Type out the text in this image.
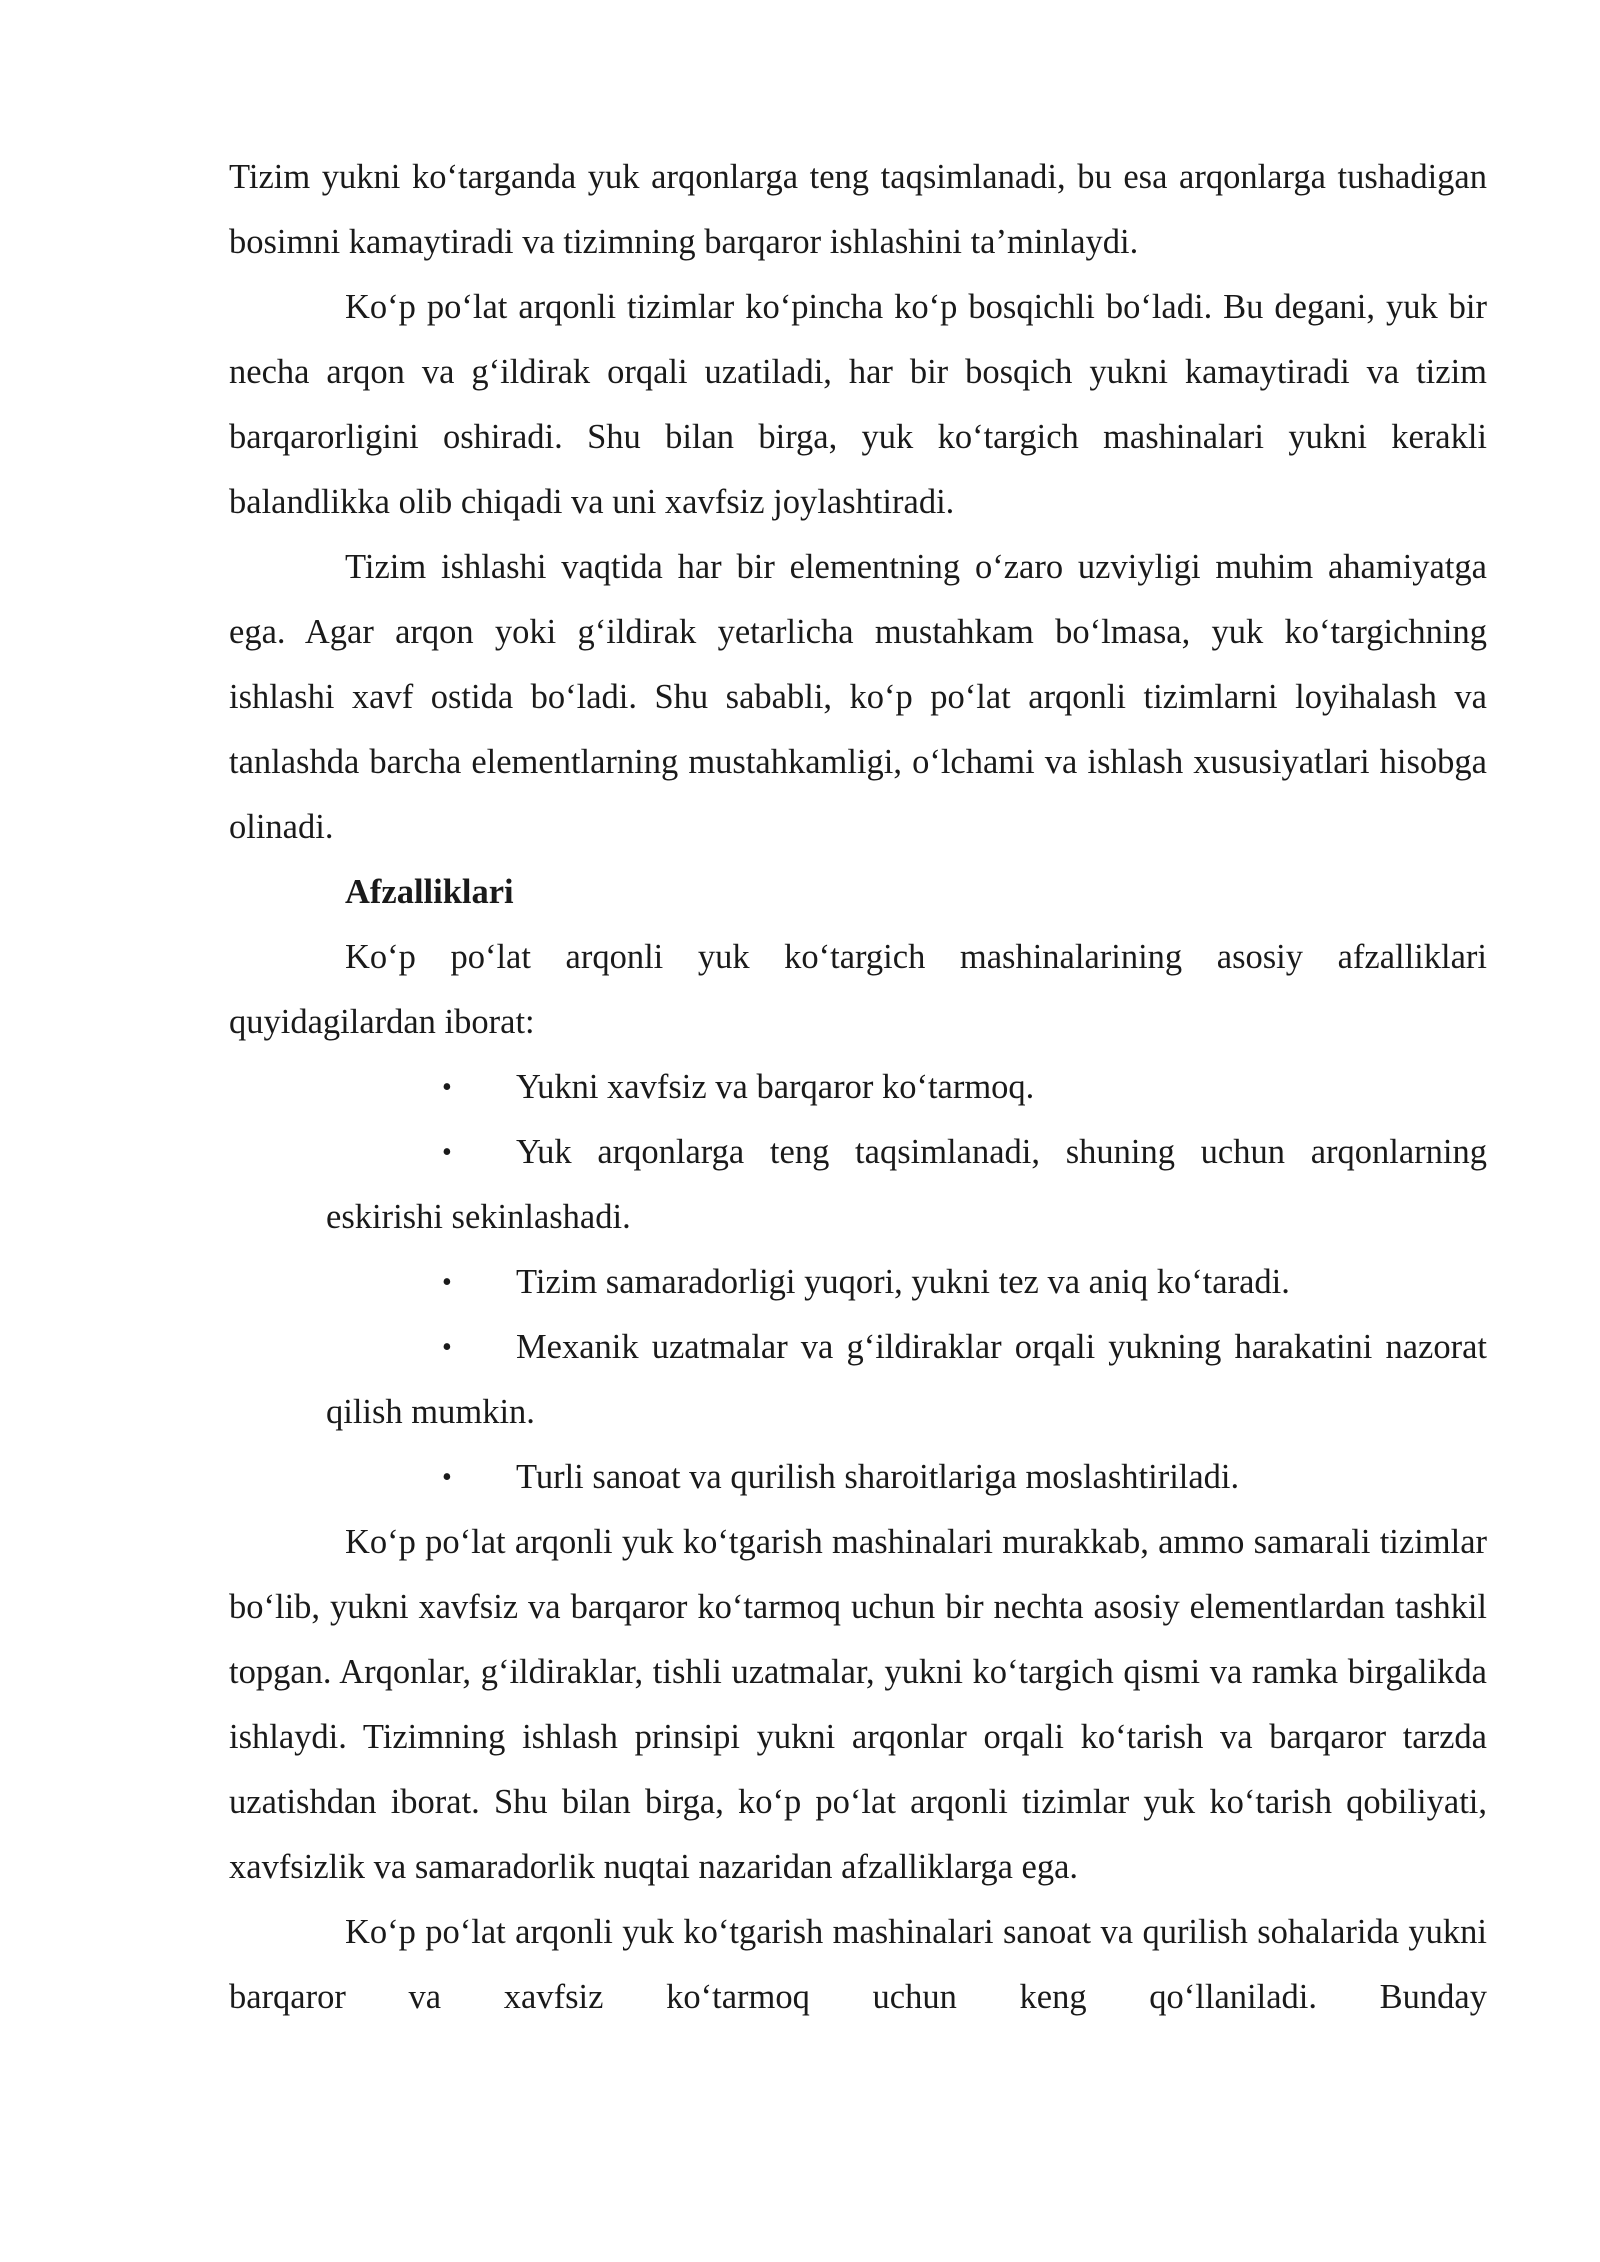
Tizim yukni ko‘targanda yuk arqonlarga teng taqsimlanadi, bu esa arqonlarga tushadigan bosimni kamaytiradi va tizimning barqaror ishlashini ta’minlaydi.

Ko‘p po‘lat arqonli tizimlar ko‘pincha ko‘p bosqichli bo‘ladi. Bu degani, yuk bir necha arqon va g‘ildirak orqali uzatiladi, har bir bosqich yukni kamaytiradi va tizim barqarorligini oshiradi. Shu bilan birga, yuk ko‘targich mashinalari yukni kerakli balandlikka olib chiqadi va uni xavfsiz joylashtiradi.

Tizim ishlashi vaqtida har bir elementning o‘zaro uzviyligi muhim ahamiyatga ega. Agar arqon yoki g‘ildirak yetarlicha mustahkam bo‘lmasa, yuk ko‘targichning ishlashi xavf ostida bo‘ladi. Shu sababli, ko‘p po‘lat arqonli tizimlarni loyihalash va tanlashda barcha elementlarning mustahkamligi, o‘lchami va ishlash xususiyatlari hisobga olinadi.

Afzalliklari

Ko‘p po‘lat arqonli yuk ko‘targich mashinalarining asosiy afzalliklari quyidagilardan iborat:

• Yukni xavfsiz va barqaror ko‘tarmoq.
• Yuk arqonlarga teng taqsimlanadi, shuning uchun arqonlarning eskirishi sekinlashadi.
• Tizim samaradorligi yuqori, yukni tez va aniq ko‘taradi.
• Mexanik uzatmalar va g‘ildiraklar orqali yukning harakatini nazorat qilish mumkin.
• Turli sanoat va qurilish sharoitlariga moslashtiriladi.

Ko‘p po‘lat arqonli yuk ko‘tgarish mashinalari murakkab, ammo samarali tizimlar bo‘lib, yukni xavfsiz va barqaror ko‘tarmoq uchun bir nechta asosiy elementlardan tashkil topgan. Arqonlar, g‘ildiraklar, tishli uzatmalar, yukni ko‘targich qismi va ramka birgalikda ishlaydi. Tizimning ishlash prinsipi yukni arqonlar orqali ko‘tarish va barqaror tarzda uzatishdan iborat. Shu bilan birga, ko‘p po‘lat arqonli tizimlar yuk ko‘tarish qobiliyati, xavfsizlik va samaradorlik nuqtai nazaridan afzalliklarga ega.

Ko‘p po‘lat arqonli yuk ko‘tgarish mashinalari sanoat va qurilish sohalarida yukni barqaror va xavfsiz ko‘tarmoq uchun keng qo‘llaniladi. Bunday
